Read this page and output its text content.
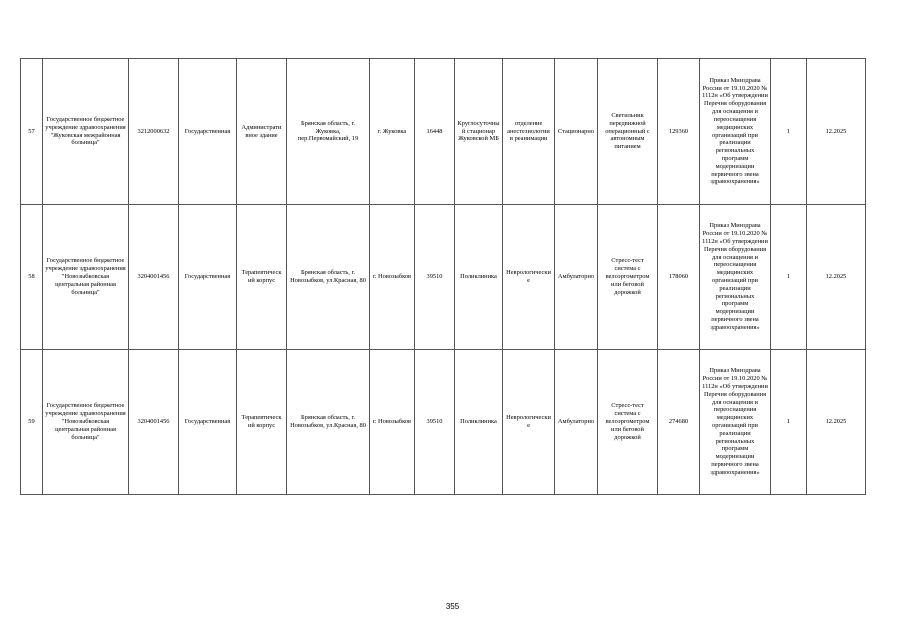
57	Государственное бюджетное учреждение здравоохранения "Жуковская межрайонная больница"	3212000632	Государственная	Администрати вное здание	Брянская область, г. Жуковка, пер.Первомайский, 19	г. Жуковка	16448	Круглосуточны й стационар Жуковской МБ	отделение анестезиологии и реанимации	Стационарно	Светильник передвижной операционный с автономным питанием	129360	Приказ Минздрава России от 19.10.2020 № 1112н «Об утверждении Перечня оборудования для оснащения и переоснащения медицинских организаций при реализации региональных программ модернизации первичного звена здравоохранения»	1	12.2025
58	Государственное бюджетное учреждение здравоохранения "Новозыбковская центральная районная больница"	3204001456	Государственная	Терапевтическ ий корпус	Брянская область, г. Новозыбков, ул.Красная, 80	г. Новозыбков	39510	Поликлиника	Неврологически е	Амбулаторно	Стресс-тест система с велоэргометром или беговой дорожкой	178060	Приказ Минздрава России от 19.10.2020 № 1112н «Об утверждении Перечня оборудования для оснащения и переоснащения медицинских организаций при реализации региональных программ модернизации первичного звена здравоохранения»	1	12.2025
59	Государственное бюджетное учреждение здравоохранения "Новозыбковская центральная районная больница"	3204001456	Государственная	Терапевтическ ий корпус	Брянская область, г. Новозыбков, ул.Красная, 80	г. Новозыбков	39510	Поликлиника	Неврологически е	Амбулаторно	Стресс-тест система с велоэргометром или беговой дорожкой	274680	Приказ Минздрава России от 19.10.2020 № 1112н «Об утверждении Перечня оборудования для оснащения и переоснащения медицинских организаций при реализации региональных программ модернизации первичного звена здравоохранения»	1	12.2025
355
